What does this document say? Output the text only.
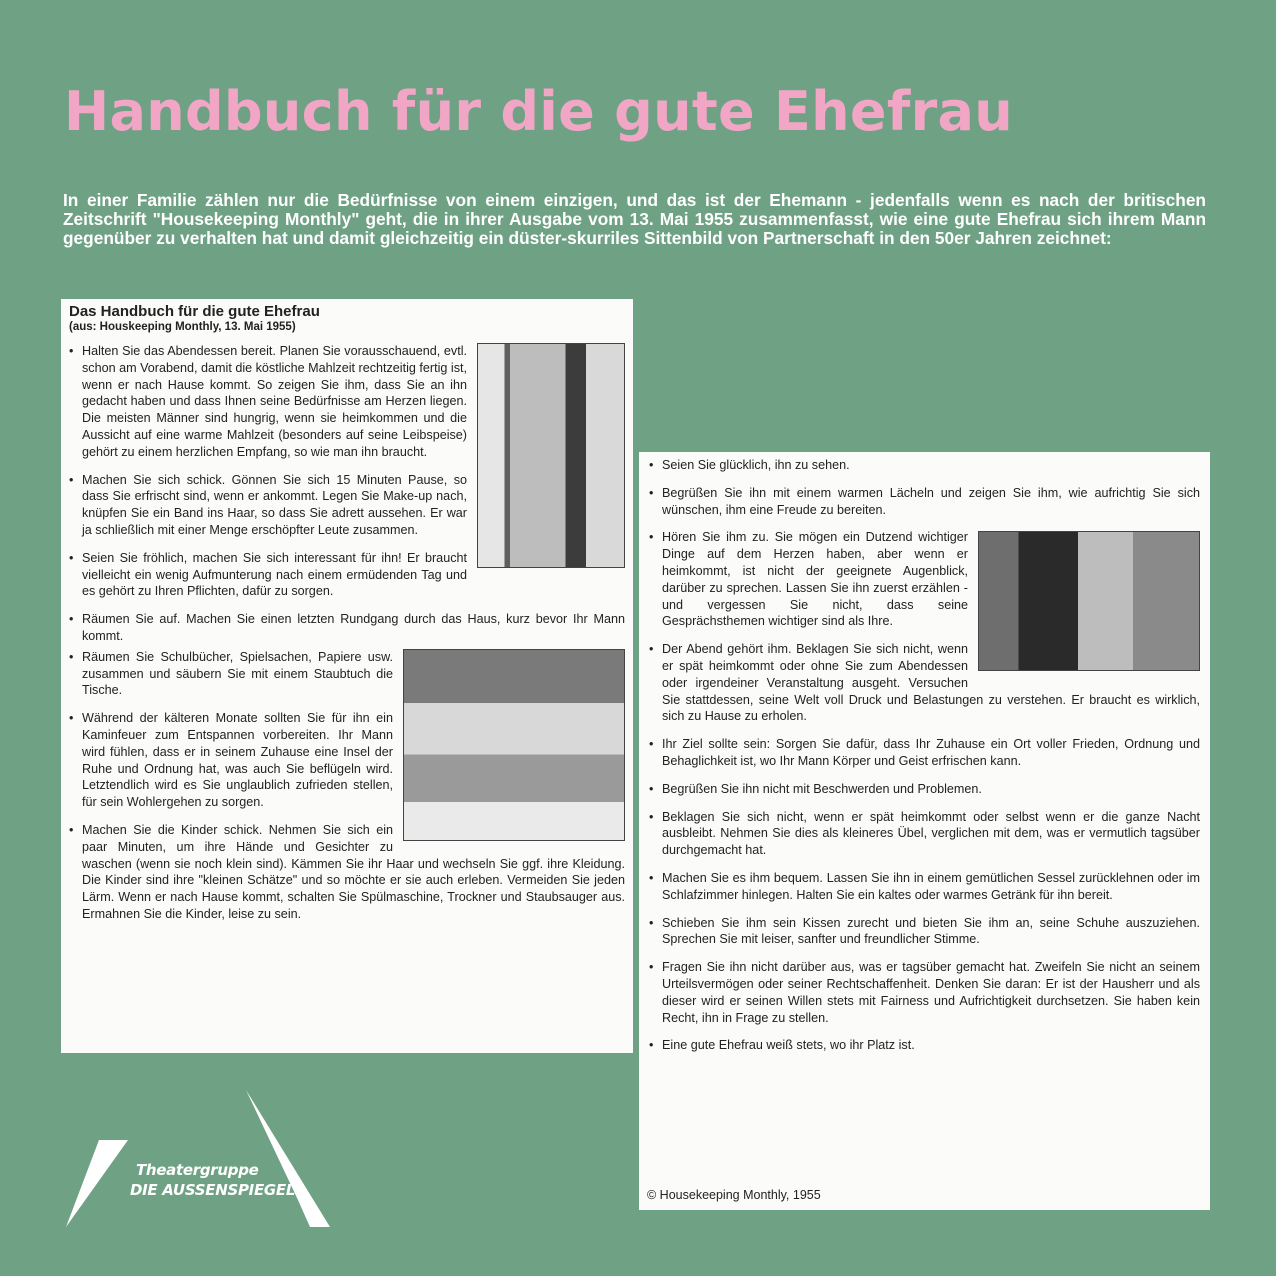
Handbuch für die gute Ehefrau

In einer Familie zählen nur die Bedürfnisse von einem einzigen, und das ist der Ehemann - jedenfalls wenn es nach der britischen Zeitschrift "Housekeeping Monthly" geht, die in ihrer Ausgabe vom 13. Mai 1955 zusammenfasst, wie eine gute Ehefrau sich ihrem Mann gegenüber zu verhalten hat und damit gleichzeitig ein düster-skurriles Sittenbild von Partnerschaft in den 50er Jahren zeichnet:

Das Handbuch für die gute Ehefrau

(aus: Houskeeping Monthly, 13. Mai 1955)

• Halten Sie das Abendessen bereit. Planen Sie vorausschauend, evtl. schon am Vorabend, damit die köstliche Mahlzeit rechtzeitig fertig ist, wenn er nach Hause kommt. So zeigen Sie ihm, dass Sie an ihn gedacht haben und dass Ihnen seine Bedürfnisse am Herzen liegen. Die meisten Männer sind hungrig, wenn sie heimkommen und die Aussicht auf eine warme Mahlzeit (besonders auf seine Leibspeise) gehört zu einem herzlichen Empfang, so wie man ihn braucht.

• Machen Sie sich schick. Gönnen Sie sich 15 Minuten Pause, so dass Sie erfrischt sind, wenn er ankommt. Legen Sie Make-up nach, knüpfen Sie ein Band ins Haar, so dass Sie adrett aussehen. Er war ja schließlich mit einer Menge erschöpfter Leute zusammen.

• Seien Sie fröhlich, machen Sie sich interessant für ihn! Er braucht vielleicht ein wenig Aufmunterung nach einem ermüdenden Tag und es gehört zu Ihren Pflichten, dafür zu sorgen.

• Räumen Sie auf. Machen Sie einen letzten Rundgang durch das Haus, kurz bevor Ihr Mann kommt.

• Räumen Sie Schulbücher, Spielsachen, Papiere usw. zusammen und säubern Sie mit einem Staubtuch die Tische.

• Während der kälteren Monate sollten Sie für ihn ein Kaminfeuer zum Entspannen vorbereiten. Ihr Mann wird fühlen, dass er in seinem Zuhause eine Insel der Ruhe und Ordnung hat, was auch Sie beflügeln wird. Letztendlich wird es Sie unglaublich zufrieden stellen, für sein Wohlergehen zu sorgen.

• Machen Sie die Kinder schick. Nehmen Sie sich ein paar Minuten, um ihre Hände und Gesichter zu waschen (wenn sie noch klein sind). Kämmen Sie ihr Haar und wechseln Sie ggf. ihre Kleidung. Die Kinder sind ihre "kleinen Schätze" und so möchte er sie auch erleben. Vermeiden Sie jeden Lärm. Wenn er nach Hause kommt, schalten Sie Spülmaschine, Trockner und Staubsauger aus. Ermahnen Sie die Kinder, leise zu sein.

• Seien Sie glücklich, ihn zu sehen.

• Begrüßen Sie ihn mit einem warmen Lächeln und zeigen Sie ihm, wie aufrichtig Sie sich wünschen, ihm eine Freude zu bereiten.

• Hören Sie ihm zu. Sie mögen ein Dutzend wichtiger Dinge auf dem Herzen haben, aber wenn er heimkommt, ist nicht der geeignete Augenblick, darüber zu sprechen. Lassen Sie ihn zuerst erzählen - und vergessen Sie nicht, dass seine Gesprächsthemen wichtiger sind als Ihre.

• Der Abend gehört ihm. Beklagen Sie sich nicht, wenn er spät heimkommt oder ohne Sie zum Abendessen oder irgendeiner Veranstaltung ausgeht. Versuchen Sie stattdessen, seine Welt voll Druck und Belastungen zu verstehen. Er braucht es wirklich, sich zu Hause zu erholen.

• Ihr Ziel sollte sein: Sorgen Sie dafür, dass Ihr Zuhause ein Ort voller Frieden, Ordnung und Behaglichkeit ist, wo Ihr Mann Körper und Geist erfrischen kann.

• Begrüßen Sie ihn nicht mit Beschwerden und Problemen.

• Beklagen Sie sich nicht, wenn er spät heimkommt oder selbst wenn er die ganze Nacht ausbleibt. Nehmen Sie dies als kleineres Übel, verglichen mit dem, was er vermutlich tagsüber durchgemacht hat.

• Machen Sie es ihm bequem. Lassen Sie ihn in einem gemütlichen Sessel zurücklehnen oder im Schlafzimmer hinlegen. Halten Sie ein kaltes oder warmes Getränk für ihn bereit.

• Schieben Sie ihm sein Kissen zurecht und bieten Sie ihm an, seine Schuhe auszuziehen. Sprechen Sie mit leiser, sanfter und freundlicher Stimme.

• Fragen Sie ihn nicht darüber aus, was er tagsüber gemacht hat. Zweifeln Sie nicht an seinem Urteilsvermögen oder seiner Rechtschaffenheit. Denken Sie daran: Er ist der Hausherr und als dieser wird er seinen Willen stets mit Fairness und Aufrichtigkeit durchsetzen. Sie haben kein Recht, ihn in Frage zu stellen.

• Eine gute Ehefrau weiß stets, wo ihr Platz ist.

© Housekeeping Monthly, 1955
Theatergruppe
DIE AUSSENSPIEGEL
